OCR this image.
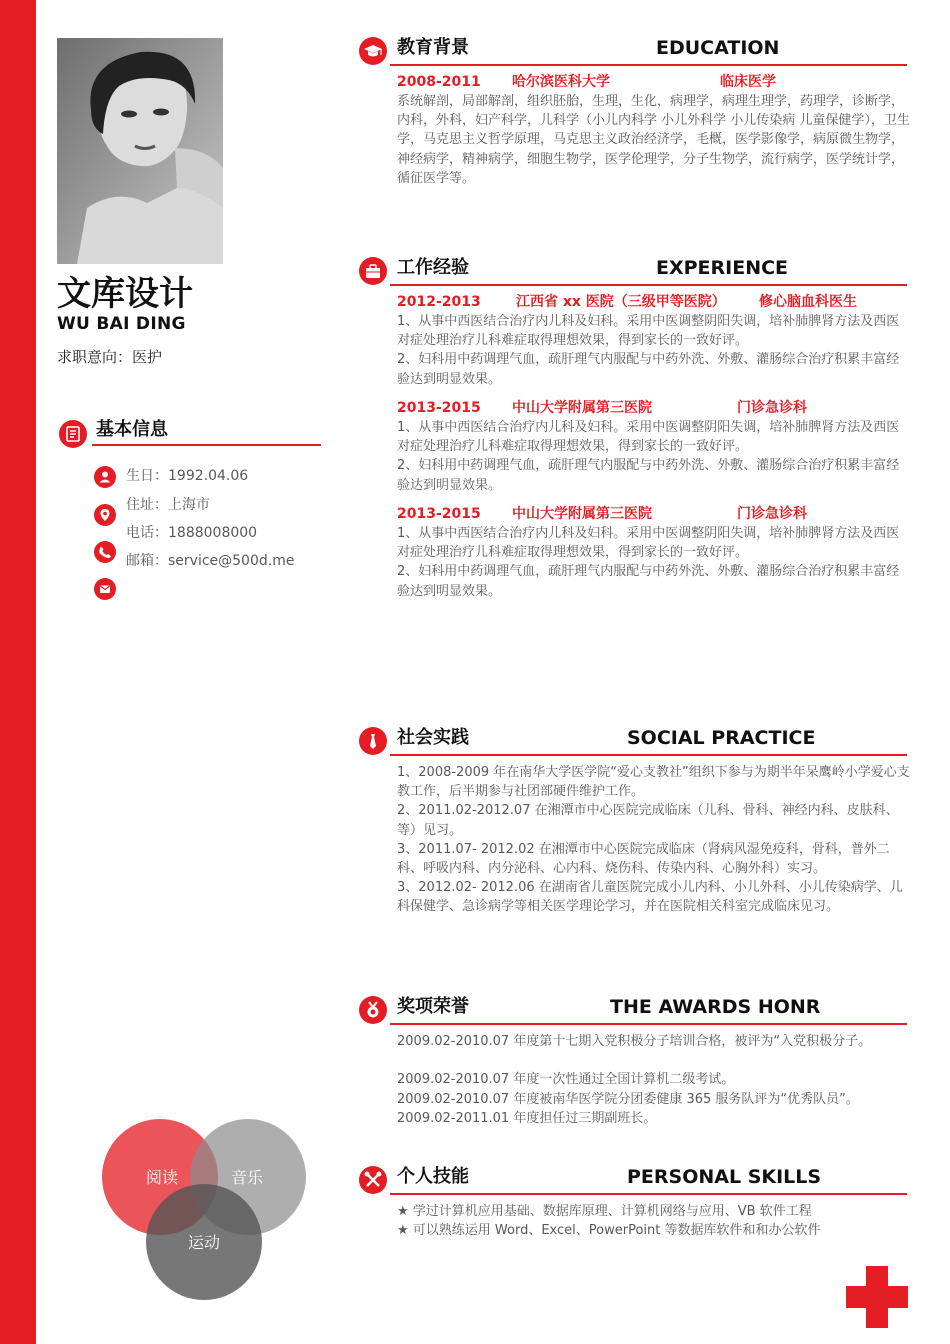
文库设计
WU BAI DING
求职意向：医护
基本信息
生日：1992.04.06
住址：上海市
电话：1888008000
邮箱：service@500d.me
教育背景	EDUCATION
2008-2011 哈尔滨医科大学	临床医学

系统解剖，局部解剖，组织胚胎，生理，生化，病理学，病理生理学，药理学，诊断学，内科，外科，妇产科学，儿科学（小儿内科学 小儿外科学 小儿传染病 儿童保健学），卫生学，马克思主义哲学原理，马克思主义政治经济学，毛概，医学影像学，病原微生物学，神经病学，精神病学，细胞生物学，医学伦理学，分子生物学，流行病学，医学统计学，循征医学等。

工作经验	EXPERIENCE
2012-2013	江西省 xx 医院（三级甲等医院） 修心脑血科医生

1、从事中西医结合治疗内儿科及妇科。采用中医调整阴阳失调，培补肺脾肾方法及西医对症处理治疗儿科难症取得理想效果，得到家长的一致好评。

2、妇科用中药调理气血，疏肝理气内服配与中药外洗、外敷、灌肠综合治疗积累丰富经验达到明显效果。

2013-2015 中山大学附属第三医院	门诊急诊科

1、从事中西医结合治疗内儿科及妇科。采用中医调整阴阳失调，培补肺脾肾方法及西医对症处理治疗儿科难症取得理想效果，得到家长的一致好评。

2、妇科用中药调理气血，疏肝理气内服配与中药外洗、外敷、灌肠综合治疗积累丰富经验达到明显效果。

2013-2015 中山大学附属第三医院	门诊急诊科

1、从事中西医结合治疗内儿科及妇科。采用中医调整阴阳失调，培补肺脾肾方法及西医对症处理治疗儿科难症取得理想效果，得到家长的一致好评。

2、妇科用中药调理气血，疏肝理气内服配与中药外洗、外敷、灌肠综合治疗积累丰富经验达到明显效果。

社会实践	SOCIAL PRACTICE

1、2008-2009 年在南华大学医学院“爱心支教社”组织下参与为期半年呆鹰岭小学爱心支教工作，后半期参与社团部硬件维护工作。

2、2011.02-2012.07 在湘潭市中心医院完成临床（儿科、骨科、神经内科、皮肤科、等）见习。

3、2011.07- 2012.02 在湘潭市中心医院完成临床（肾病风湿免疫科，骨科，普外二科、呼吸内科、内分泌科、心内科、烧伤科、传染内科、心胸外科）实习。

3、2012.02- 2012.06 在湖南省儿童医院完成小儿内科、小儿外科、小儿传染病学、儿科保健学、急诊病学等相关医学理论学习，并在医院相关科室完成临床见习。

奖项荣誉	THE AWARDS HONR

2009.02-2010.07 年度第十七期入党积极分子培训合格，被评为“入党积极分子。

2009.02-2010.07 年度一次性通过全国计算机二级考试。

2009.02-2010.07 年度被南华医学院分团委健康 365 服务队评为“优秀队员”。

2009.02-2011.01 年度担任过三期副班长。

个人技能	PERSONAL SKILLS

★ 学过计算机应用基础、数据库原理、计算机网络与应用、VB 软件工程

★ 可以熟练运用 Word、Excel、PowerPoint 等数据库软件和和办公软件

阅读	音乐
运动
